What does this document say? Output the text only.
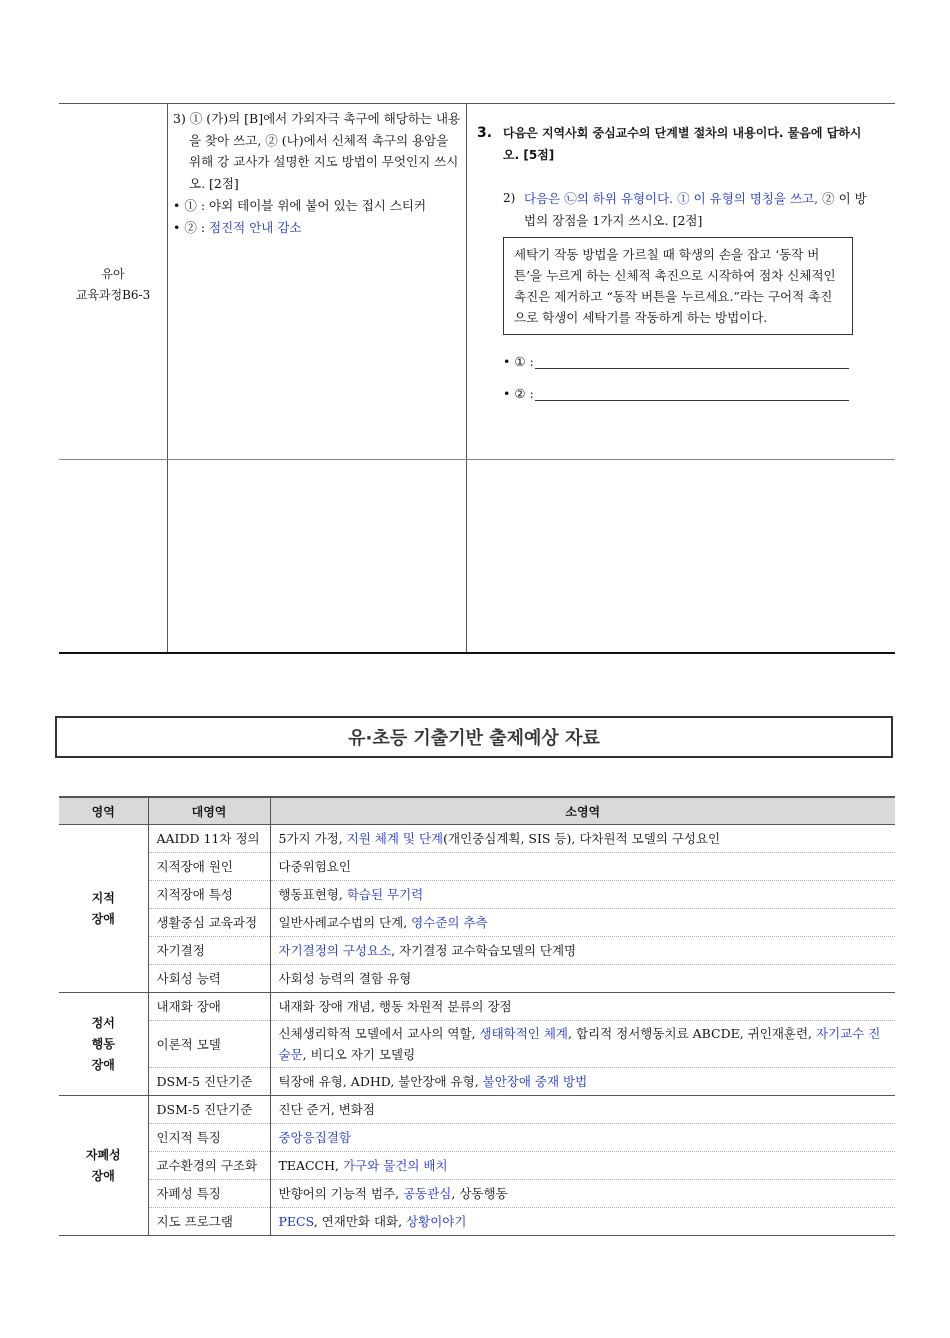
유아
교육과정B6-3
3) ① (가)의 [B]에서 가외자극 촉구에 해당하는 내용을 찾아 쓰고, ② (나)에서 신체적 촉구의 용암을 위해 강 교사가 설명한 지도 방법이 무엇인지 쓰시오. [2점]
• ① : 야외 테이블 위에 붙어 있는 접시 스티커
• ② : 점진적 안내 감소
3. 다음은 지역사회 중심교수의 단계별 절차의 내용이다. 물음에 답하시오. [5점]
2) 다음은 ㉡의 하위 유형이다. ① 이 유형의 명칭을 쓰고, ② 이 방법의 장점을 1가지 쓰시오. [2점]
세탁기 작동 방법을 가르칠 때 학생의 손을 잡고 ‘동작 버튼’을 누르게 하는 신체적 촉진으로 시작하여 점차 신체적인 촉진은 제거하고 “동작 버튼을 누르세요.”라는 구어적 촉진으로 학생이 세탁기를 작동하게 하는 방법이다.
• ① :
• ② :
유·초등 기출기반 출제예상 자료
영역	대영역	소영역
지적
장애	AAIDD 11차 정의	5가지 가정, 지원 체계 및 단계(개인중심계획, SIS 등), 다차원적 모델의 구성요인
	지적장애 원인	다중위험요인
	지적장애 특성	행동표현형, 학습된 무기력
	생활중심 교육과정	일반사례교수법의 단계, 영수준의 추측
	자기결정	자기결정의 구성요소, 자기결정 교수학습모델의 단계명
	사회성 능력	사회성 능력의 결함 유형
정서
행동
장애	내재화 장애	내재화 장애 개념, 행동 차원적 분류의 장점
	이론적 모델	신체생리학적 모델에서 교사의 역할, 생태학적인 체계, 합리적 정서행동치료 ABCDE, 귀인재훈련, 자기교수 진술문, 비디오 자기 모델링
	DSM-5 진단기준	틱장애 유형, ADHD, 불안장애 유형, 불안장애 중재 방법
자폐성
장애	DSM-5 진단기준	진단 준거, 변화점
	인지적 특징	중앙응집결함
	교수환경의 구조화	TEACCH, 가구와 물건의 배치
	자폐성 특징	반향어의 기능적 범주, 공동관심, 상동행동
	지도 프로그램	PECS, 연재만화 대화, 상황이야기
